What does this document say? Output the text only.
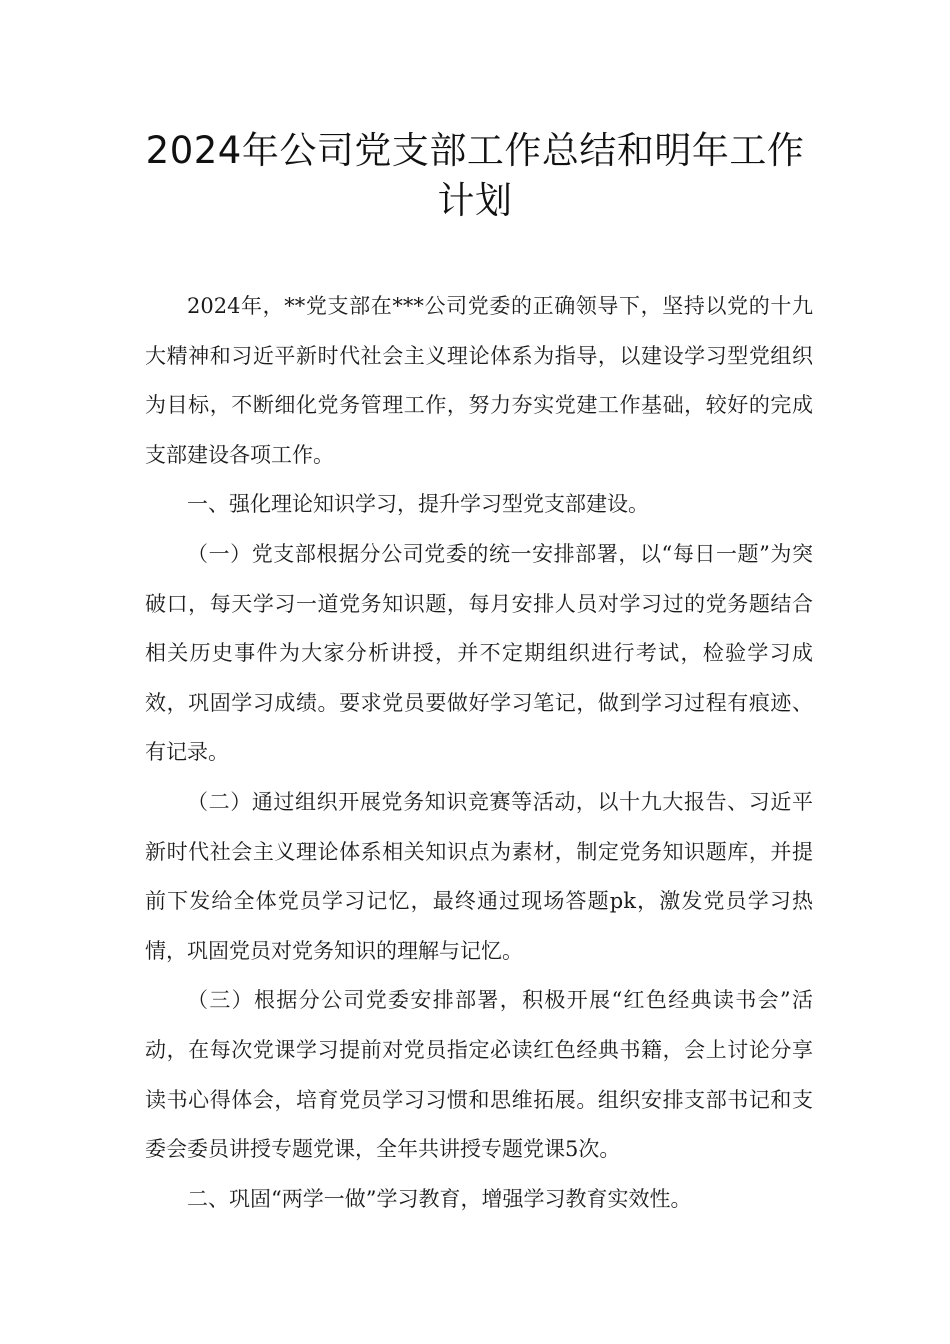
2024年公司党支部工作总结和明年工作
计划

2024年，**党支部在***公司党委的正确领导下，坚持以党的十九大精神和习近平新时代社会主义理论体系为指导，以建设学习型党组织为目标，不断细化党务管理工作，努力夯实党建工作基础，较好的完成支部建设各项工作。

一、强化理论知识学习，提升学习型党支部建设。

（一）党支部根据分公司党委的统一安排部署，以“每日一题”为突破口，每天学习一道党务知识题，每月安排人员对学习过的党务题结合相关历史事件为大家分析讲授，并不定期组织进行考试，检验学习成效，巩固学习成绩。要求党员要做好学习笔记，做到学习过程有痕迹、有记录。

（二）通过组织开展党务知识竞赛等活动，以十九大报告、习近平新时代社会主义理论体系相关知识点为素材，制定党务知识题库，并提前下发给全体党员学习记忆，最终通过现场答题pk，激发党员学习热情，巩固党员对党务知识的理解与记忆。

（三）根据分公司党委安排部署，积极开展“红色经典读书会”活动，在每次党课学习提前对党员指定必读红色经典书籍，会上讨论分享读书心得体会，培育党员学习习惯和思维拓展。组织安排支部书记和支委会委员讲授专题党课，全年共讲授专题党课5次。

二、巩固“两学一做”学习教育，增强学习教育实效性。
